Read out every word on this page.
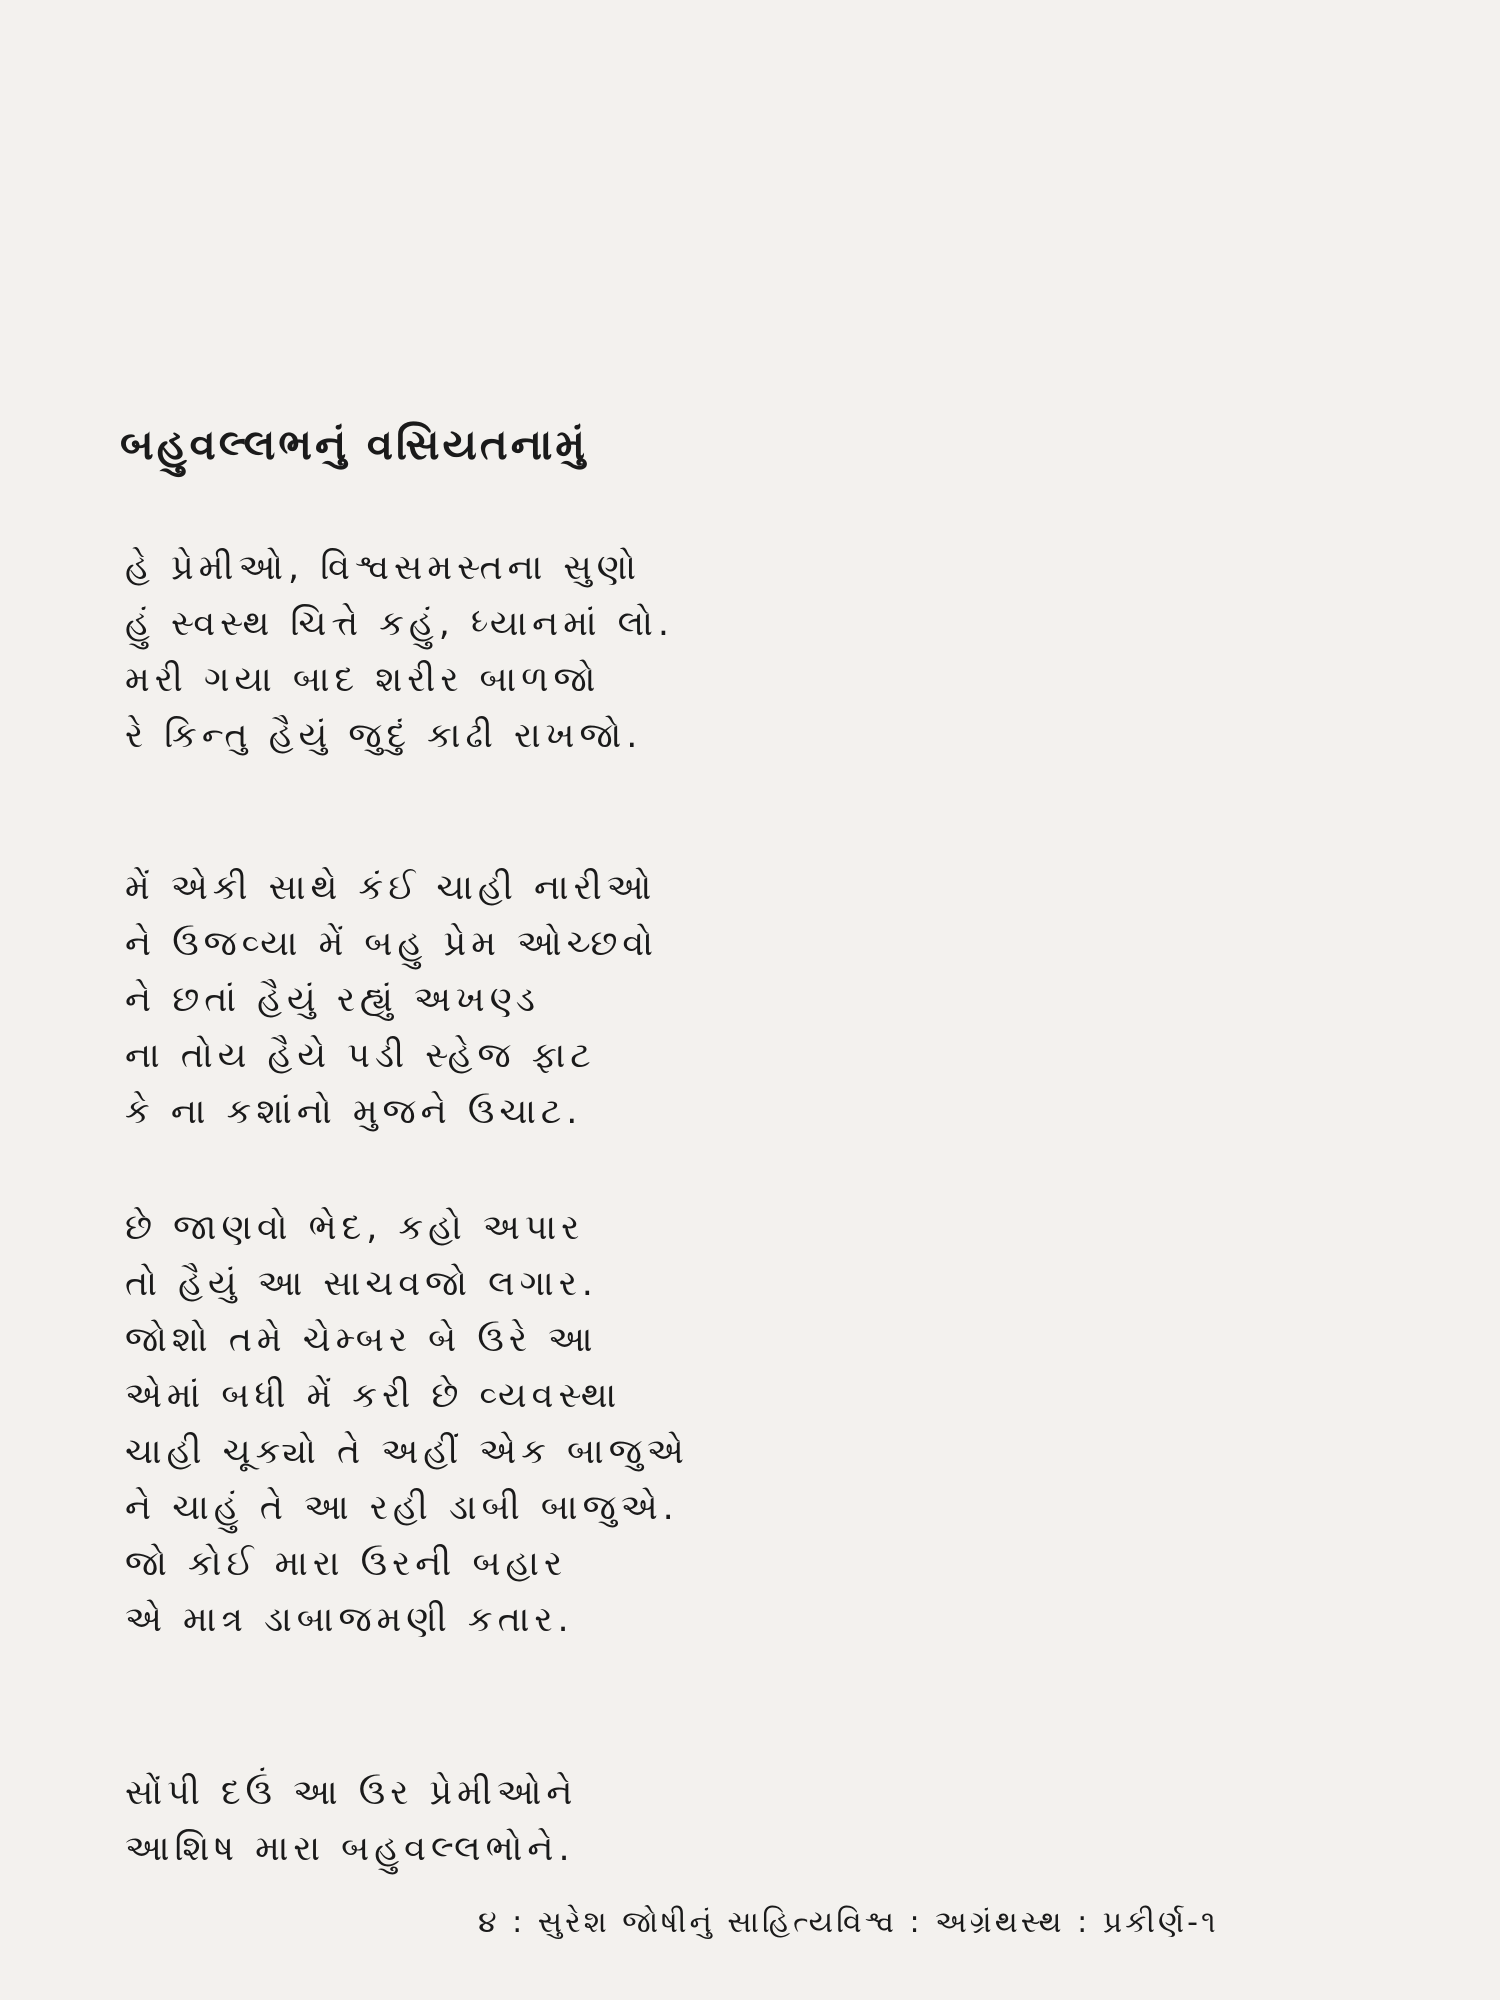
બહુવલ્લભનું વસિયતનામું
હે પ્રેમીઓ, વિશ્વસમસ્તના સુણો
હું સ્વસ્થ ચિત્તે કહું, ધ્યાનમાં લો.
મરી ગયા બાદ શરીર બાળજો
રે કિન્તુ હૈયું જુદું કાઢી રાખજો.
મેં એકી સાથે કંઈ ચાહી નારીઓ
ને ઉજવ્યા મેં બહુ પ્રેમ ઓચ્છવો
ને છતાં હૈયું રહ્યું અખણ્ડ
ના તોય હૈયે પડી સ્હેજ ફાટ
કે ના કશાંનો મુજને ઉચાટ.
છે જાણવો ભેદ, કહો અપાર
તો હૈયું આ સાચવજો લગાર.
જોશો તમે ચેમ્બર બે ઉરે આ
એમાં બધી મેં કરી છે વ્યવસ્થા
ચાહી ચૂક્યો તે અહીં એક બાજુએ
ને ચાહું તે આ રહી ડાબી બાજુએ.
જો કોઈ મારા ઉરની બહાર
એ માત્ર ડાબાજમણી કતાર.
સોંપી દઉં આ ઉર પ્રેમીઓને
આશિષ મારા બહુવલ્લભોને.
૪ : સુરેશ જોષીનું સાહિત્યવિશ્વ : અગ્રંથસ્થ : પ્રકીર્ણ-૧
